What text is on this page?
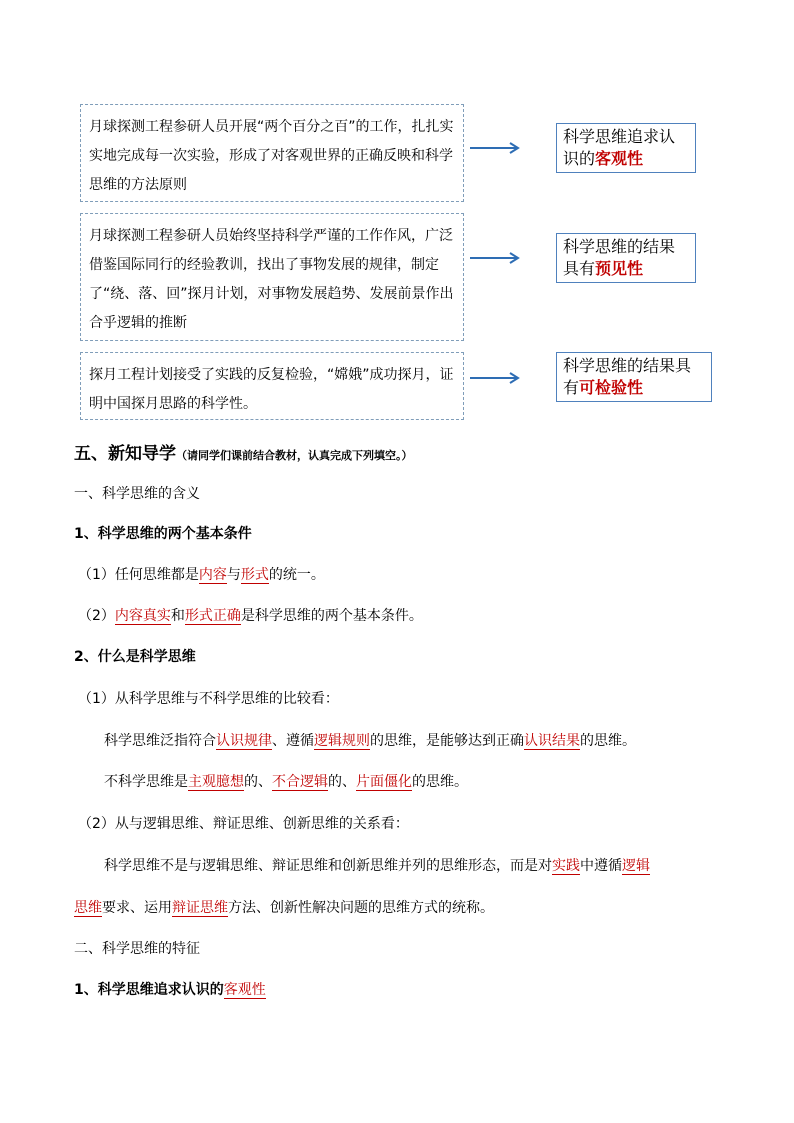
月球探测工程参研人员开展“两个百分之百”的工作，扎扎实实地完成每一次实验，形成了对客观世界的正确反映和科学思维的方法原则
科学思维追求认识的客观性
月球探测工程参研人员始终坚持科学严谨的工作作风，广泛借鉴国际同行的经验教训，找出了事物发展的规律，制定了“绕、落、回”探月计划，对事物发展趋势、发展前景作出合乎逻辑的推断
科学思维的结果具有预见性
探月工程计划接受了实践的反复检验，“嫦娥”成功探月，证明中国探月思路的科学性。
科学思维的结果具有可检验性
五、新知导学（请同学们课前结合教材，认真完成下列填空。）
一、科学思维的含义
1、科学思维的两个基本条件
（1）任何思维都是内容与形式的统一。
（2）内容真实和形式正确是科学思维的两个基本条件。
2、什么是科学思维
（1）从科学思维与不科学思维的比较看：
科学思维泛指符合认识规律、遵循逻辑规则的思维，是能够达到正确认识结果的思维。
不科学思维是主观臆想的、不合逻辑的、片面僵化的思维。
（2）从与逻辑思维、辩证思维、创新思维的关系看：
科学思维不是与逻辑思维、辩证思维和创新思维并列的思维形态，而是对实践中遵循逻辑
思维要求、运用辩证思维方法、创新性解决问题的思维方式的统称。
二、科学思维的特征
1、科学思维追求认识的客观性
